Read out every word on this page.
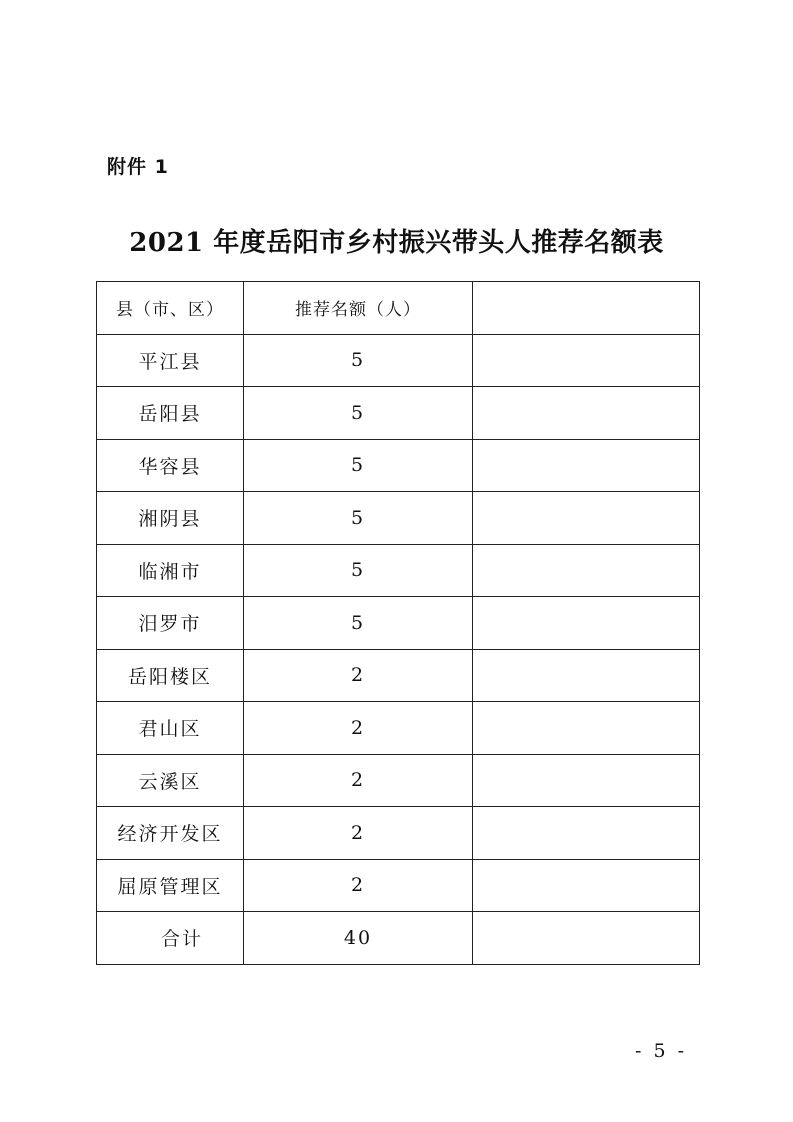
附件 1
2021 年度岳阳市乡村振兴带头人推荐名额表
县（市、区）	推荐名额（人）	
平江县	5	
岳阳县	5	
华容县	5	
湘阴县	5	
临湘市	5	
汨罗市	5	
岳阳楼区	2	
君山区	2	
云溪区	2	
经济开发区	2	
屈原管理区	2	
合计	40	
- 5 -
